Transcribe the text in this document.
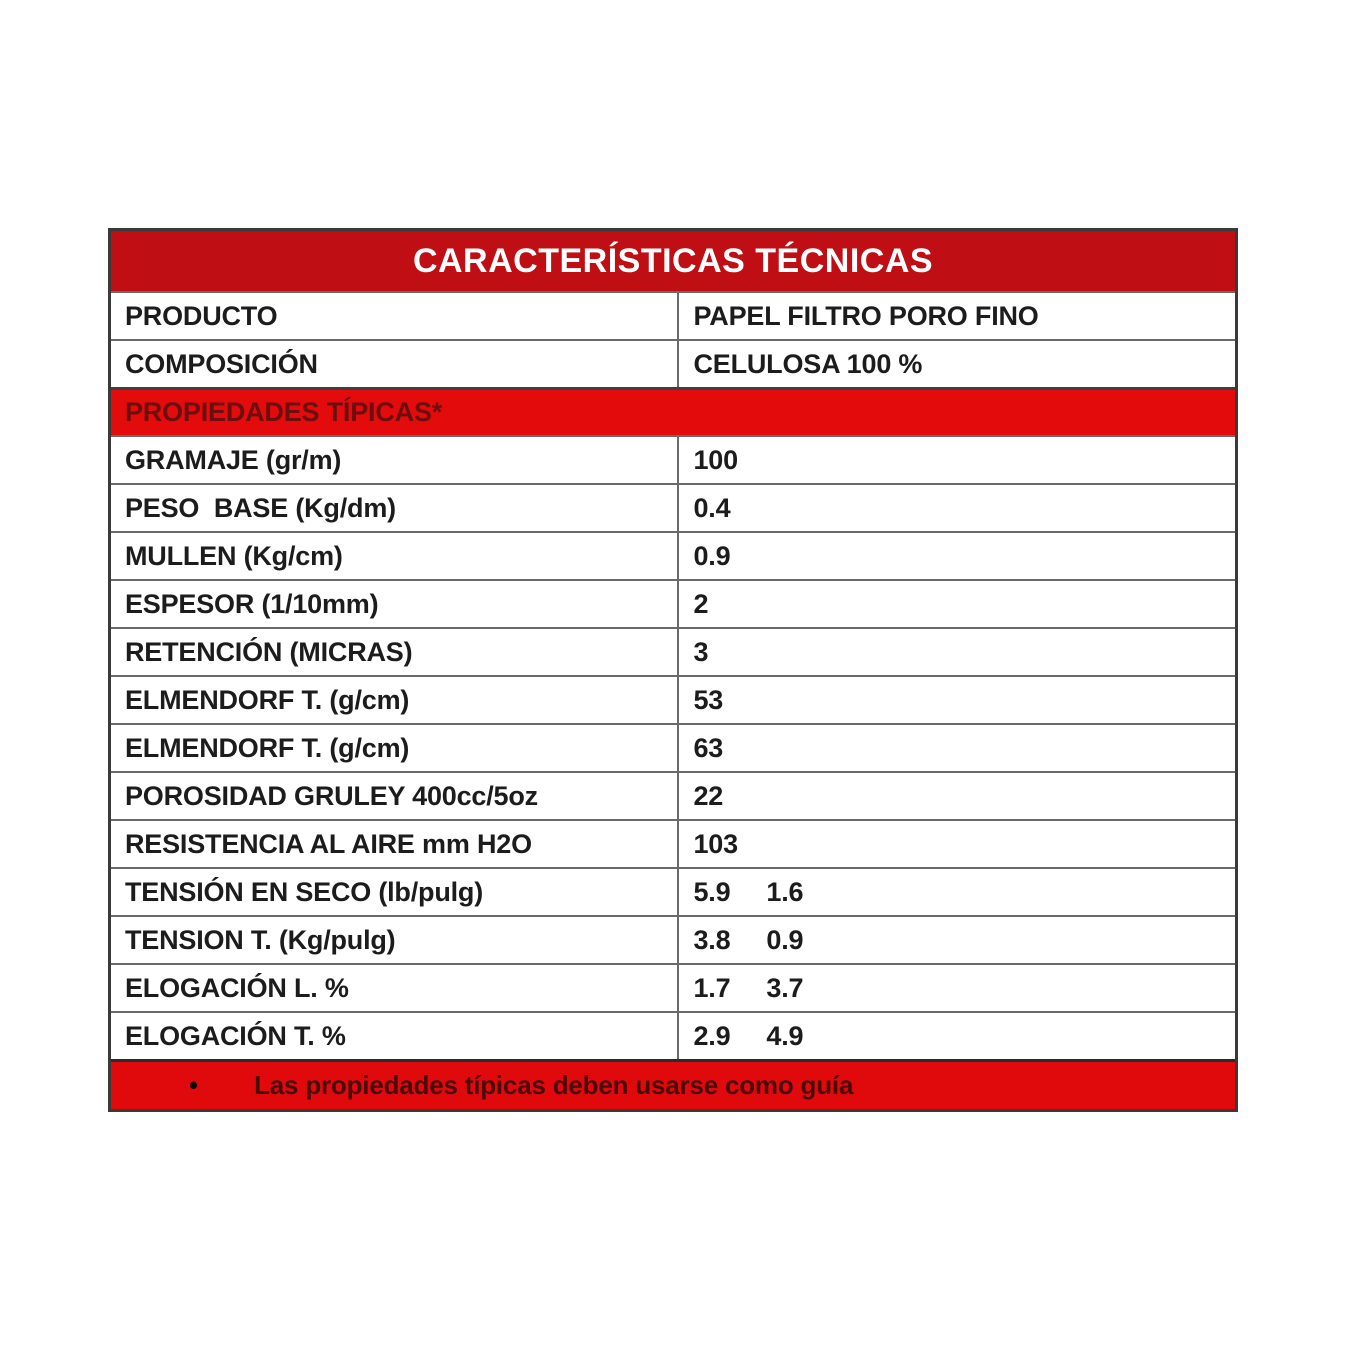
CARACTERÍSTICAS TÉCNICAS
PRODUCTO	PAPEL FILTRO PORO FINO
COMPOSICIÓN	CELULOSA 100 %
PROPIEDADES TÍPICAS*
GRAMAJE (gr/m)	100
PESO  BASE (Kg/dm)	0.4
MULLEN (Kg/cm)	0.9
ESPESOR (1/10mm)	2
RETENCIÓN (MICRAS)	3
ELMENDORF T. (g/cm)	53
ELMENDORF T. (g/cm)	63
POROSIDAD GRULEY 400cc/5oz	22
RESISTENCIA AL AIRE mm H2O	103
TENSIÓN EN SECO (lb/pulg)	5.9 1.6
TENSION T. (Kg/pulg)	3.8 0.9
ELOGACIÓN L. %	1.7 3.7
ELOGACIÓN T. %	2.9 4.9
• Las propiedades típicas deben usarse como guía
